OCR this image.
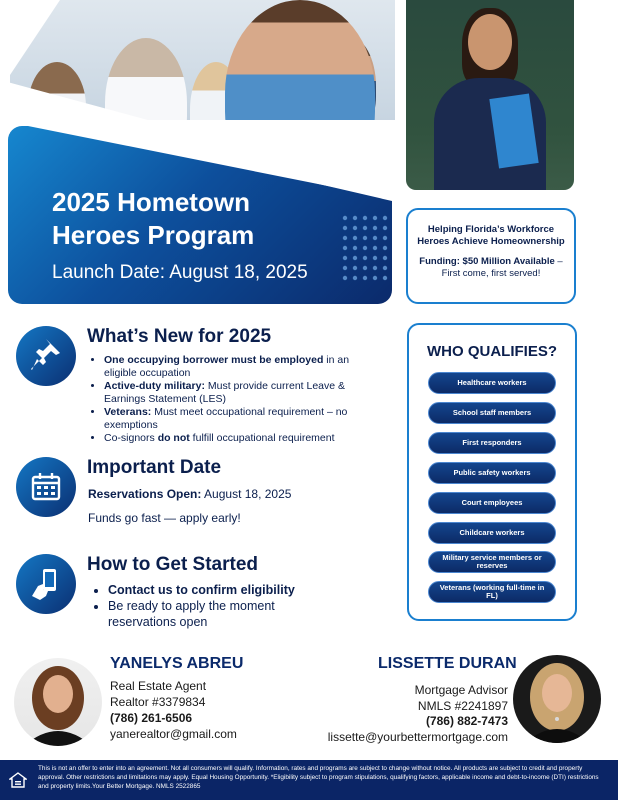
2025 Hometown
Heroes Program
Launch Date: August 18, 2025
Helping Florida’s Workforce Heroes Achieve Homeownership
Funding: $50 Million Available – First come, first served!
What’s New for 2025
• One occupying borrower must be employed in an eligible occupation
• Active-duty military: Must provide current Leave & Earnings Statement (LES)
• Veterans: Must meet occupational requirement – no exemptions
• Co-signors do not fulfill occupational requirement
Important Date
Reservations Open: August 18, 2025
Funds go fast — apply early!
How to Get Started
• Contact us to confirm eligibility
• Be ready to apply the moment reservations open
WHO QUALIFIES?
Healthcare workers
School staff members
First responders
Public safety workers
Court employees
Childcare workers
Military service members or reserves
Veterans (working full-time in FL)
YANELYS ABREU
Real Estate Agent
Realtor #3379834
(786) 261-6506
yanerealtor@gmail.com
LISSETTE DURAN
Mortgage Advisor
NMLS #2241897
(786) 882-7473
lissette@yourbettermortgage.com
This is not an offer to enter into an agreement. Not all consumers will qualify. Information, rates and programs are subject to change without notice. All products are subject to credit and property approval. Other restrictions and limitations may apply. Equal Housing Opportunity. *Eligibility subject to program stipulations, qualifying factors, applicable income and debt-to-income (DTI) restrictions and property limits.Your Better Mortgage. NMLS 2522865
